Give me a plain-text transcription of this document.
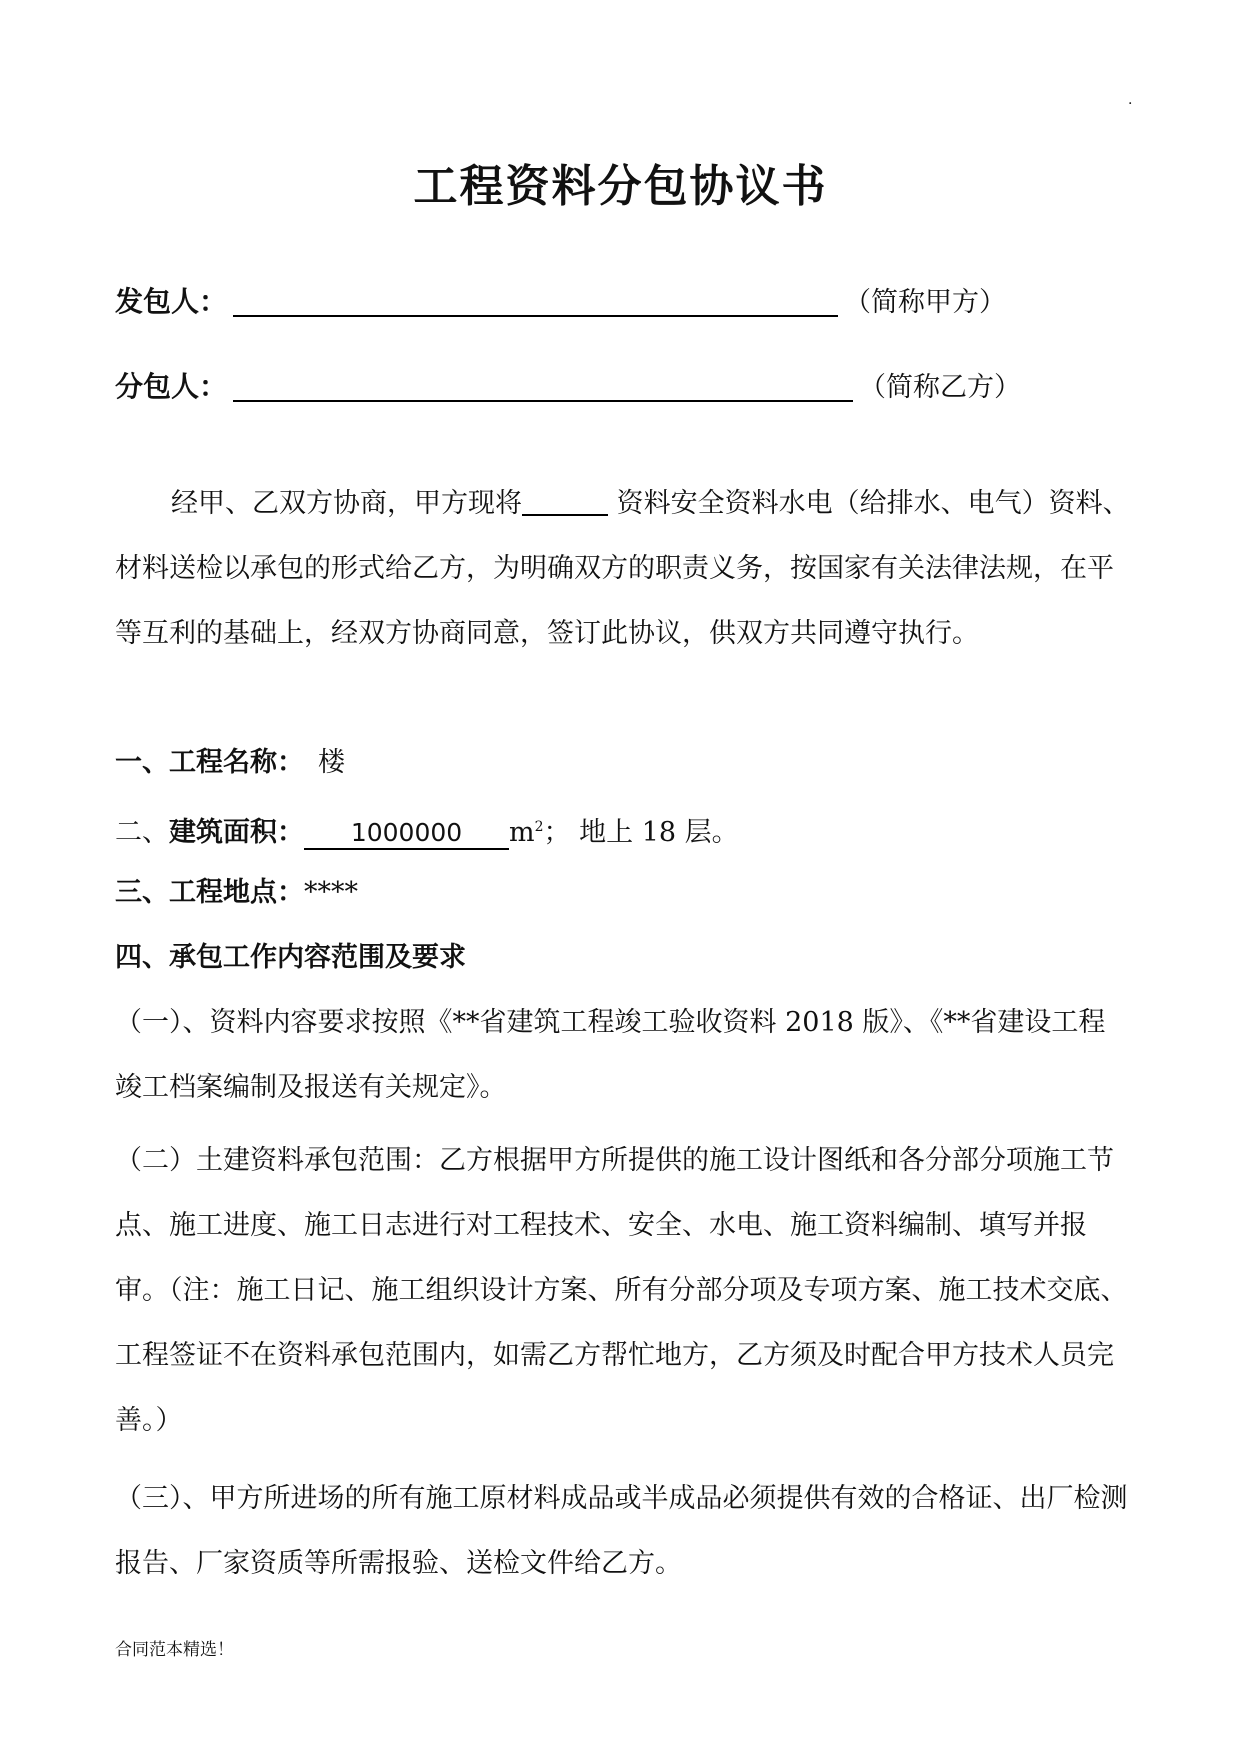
·
工程资料分包协议书
发包人：	（简称甲方）
分包人：	（简称乙方）
经甲、乙双方协商，甲方现将	资料安全资料水电（给排水、电气）资料、材料送检以承包的形式给乙方，为明确双方的职责义务，按国家有关法律法规，在平等互利的基础上，经双方协商同意，签订此协议，供双方共同遵守执行。
一、工程名称： 楼
二、建筑面积： 1000000 $m^2$； 地上 18 层。
三、工程地点：****
四、承包工作内容范围及要求
（一）、资料内容要求按照《**省建筑工程竣工验收资料 2018 版》、《**省建设工程竣工档案编制及报送有关规定》。
（二）土建资料承包范围：乙方根据甲方所提供的施工设计图纸和各分部分项施工节点、施工进度、施工日志进行对工程技术、安全、水电、施工资料编制、填写并报审。（注：施工日记、施工组织设计方案、所有分部分项及专项方案、施工技术交底、工程签证不在资料承包范围内，如需乙方帮忙地方，乙方须及时配合甲方技术人员完善。）
（三）、甲方所进场的所有施工原材料成品或半成品必须提供有效的合格证、出厂检测报告、厂家资质等所需报验、送检文件给乙方。
合同范本精选！
